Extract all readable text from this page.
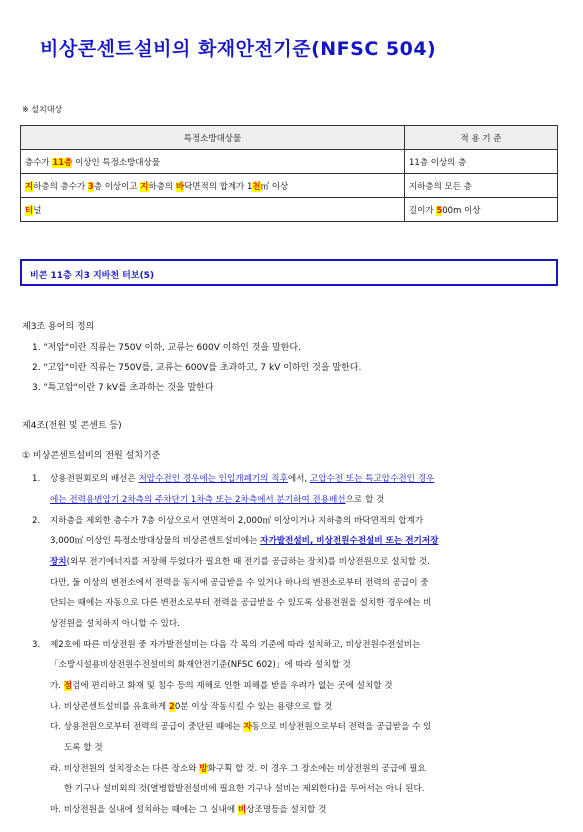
비상콘센트설비의 화재안전기준(NFSC 504)
※ 설치대상
특정소방대상물	적 용 기 준
층수가 11층 이상인 특정소방대상물	11층 이상의 층
지하층의 층수가 3층 이상이고 지하층의 바닥면적의 합계가 1천㎡ 이상	지하층의 모든 층
터널	길이가 500m 이상
비콘 11층 지3 지바천 터보(5)
제3조 용어의 정의
1. "저압"이란 직류는 750V 이하, 교류는 600V 이하인 것을 말한다.
2. "고압"이란 직류는 750V를, 교류는 600V를 초과하고, 7 kV 이하인 것을 말한다.
3. "특고압"이란 7 kV를 초과하는 것을 말한다
제4조(전원 및 콘센트 등)
① 비상콘센트설비의 전원 설치기준
1. 상용전원회로의 배선은 저압수전인 경우에는 인입개폐기의 직후에서, 고압수전 또는 특고압수전인 경우
에는 전력용변압기 2차측의 주차단기 1차측 또는 2차측에서 분기하여 전용배선으로 할 것
2. 지하층을 제외한 층수가 7층 이상으로서 연면적이 2,000㎡ 이상이거나 지하층의 바닥면적의 합계가
3,000㎡ 이상인 특정소방대상물의 비상콘센트설비에는 자가발전설비, 비상전원수전설비 또는 전기저장
장치(외부 전기에너지를 저장해 두었다가 필요한 때 전기를 공급하는 장치)를 비상전원으로 설치할 것.
다만, 둘 이상의 변전소에서 전력을 동시에 공급받을 수 있거나 하나의 변전소로부터 전력의 공급이 중
단되는 때에는 자동으로 다른 변전소로부터 전력을 공급받을 수 있도록 상용전원을 설치한 경우에는 비
상전원을 설치하지 아니할 수 있다.
3. 제2호에 따른 비상전원 중 자가발전설비는 다음 각 목의 기준에 따라 설치하고, 비상전원수전설비는
「소방시설용비상전원수전설비의 화재안전기준(NFSC 602)」에 따라 설치할 것
가. 점검에 편리하고 화재 및 침수 등의 재해로 인한 피해를 받을 우려가 없는 곳에 설치할 것
나. 비상콘센트설비를 유효하게 20분 이상 작동시킬 수 있는 용량으로 할 것
다. 상용전원으로부터 전력의 공급이 중단된 때에는 자동으로 비상전원으로부터 전력을 공급받을 수 있
도록 할 것
라. 비상전원의 설치장소는 다른 장소와 방화구획 할 것. 이 경우 그 장소에는 비상전원의 공급에 필요
한 기구나 설비외의 것(열병합발전설비에 필요한 기구나 설비는 제외한다)을 두어서는 아니 된다.
마. 비상전원을 실내에 설치하는 때에는 그 실내에 비상조명등을 설치할 것
